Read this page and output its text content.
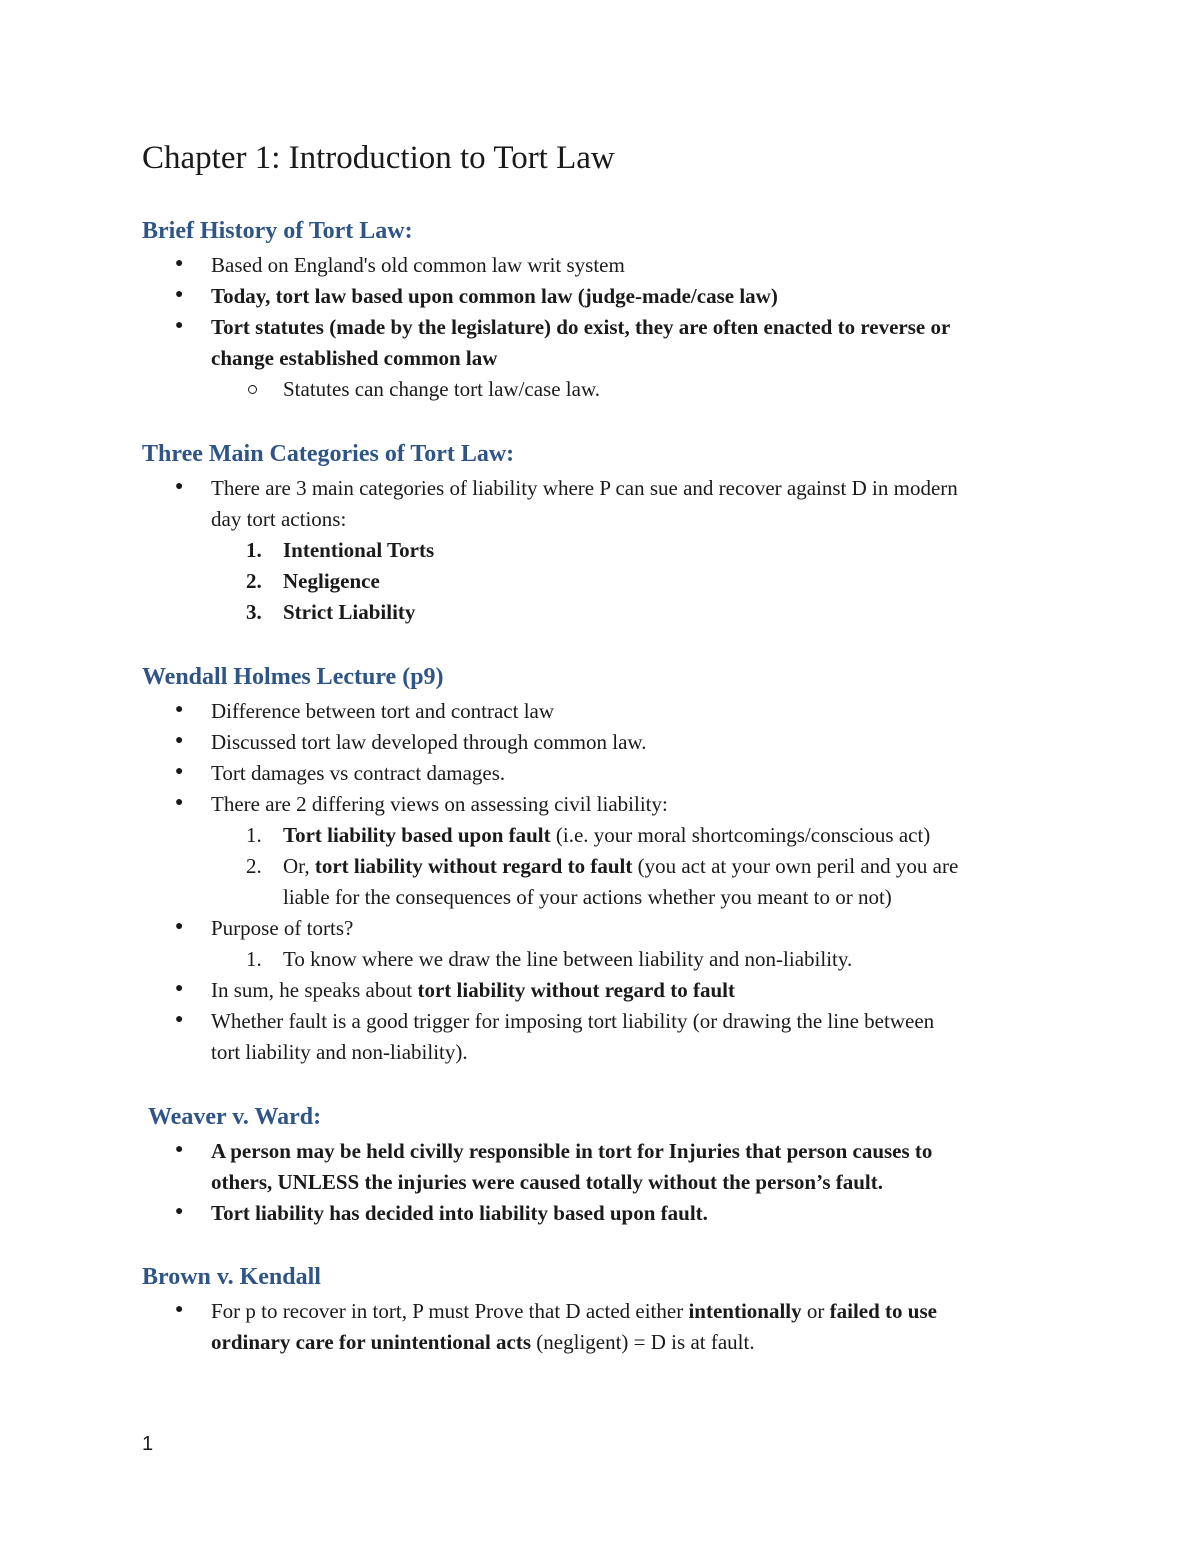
Chapter 1: Introduction to Tort Law
Brief History of Tort Law:
●
Based on England's old common law writ system
●
Today, tort law based upon common law (judge-made/case law)
●
Tort statutes (made by the legislature) do exist, they are often enacted to reverse or
change established common law
Statutes can change tort law/case law.
Three Main Categories of Tort Law:
●
There are 3 main categories of liability where P can sue and recover against D in modern
day tort actions:
1. Intentional Torts
2. Negligence
3. Strict Liability
Wendall Holmes Lecture (p9)
●
Difference between tort and contract law
●
Discussed tort law developed through common law.
●
Tort damages vs contract damages.
●
There are 2 differing views on assessing civil liability:
1. Tort liability based upon fault (i.e. your moral shortcomings/conscious act)
2. Or, tort liability without regard to fault (you act at your own peril and you are
liable for the consequences of your actions whether you meant to or not)
●
Purpose of torts?
1. To know where we draw the line between liability and non-liability.
●
In sum, he speaks about tort liability without regard to fault
●
Whether fault is a good trigger for imposing tort liability (or drawing the line between
tort liability and non-liability).
Weaver v. Ward:
●
A person may be held civilly responsible in tort for Injuries that person causes to
others, UNLESS the injuries were caused totally without the person’s fault.
●
Tort liability has decided into liability based upon fault.
Brown v. Kendall
●
For p to recover in tort, P must Prove that D acted either intentionally or failed to use
ordinary care for unintentional acts (negligent) = D is at fault.
1
